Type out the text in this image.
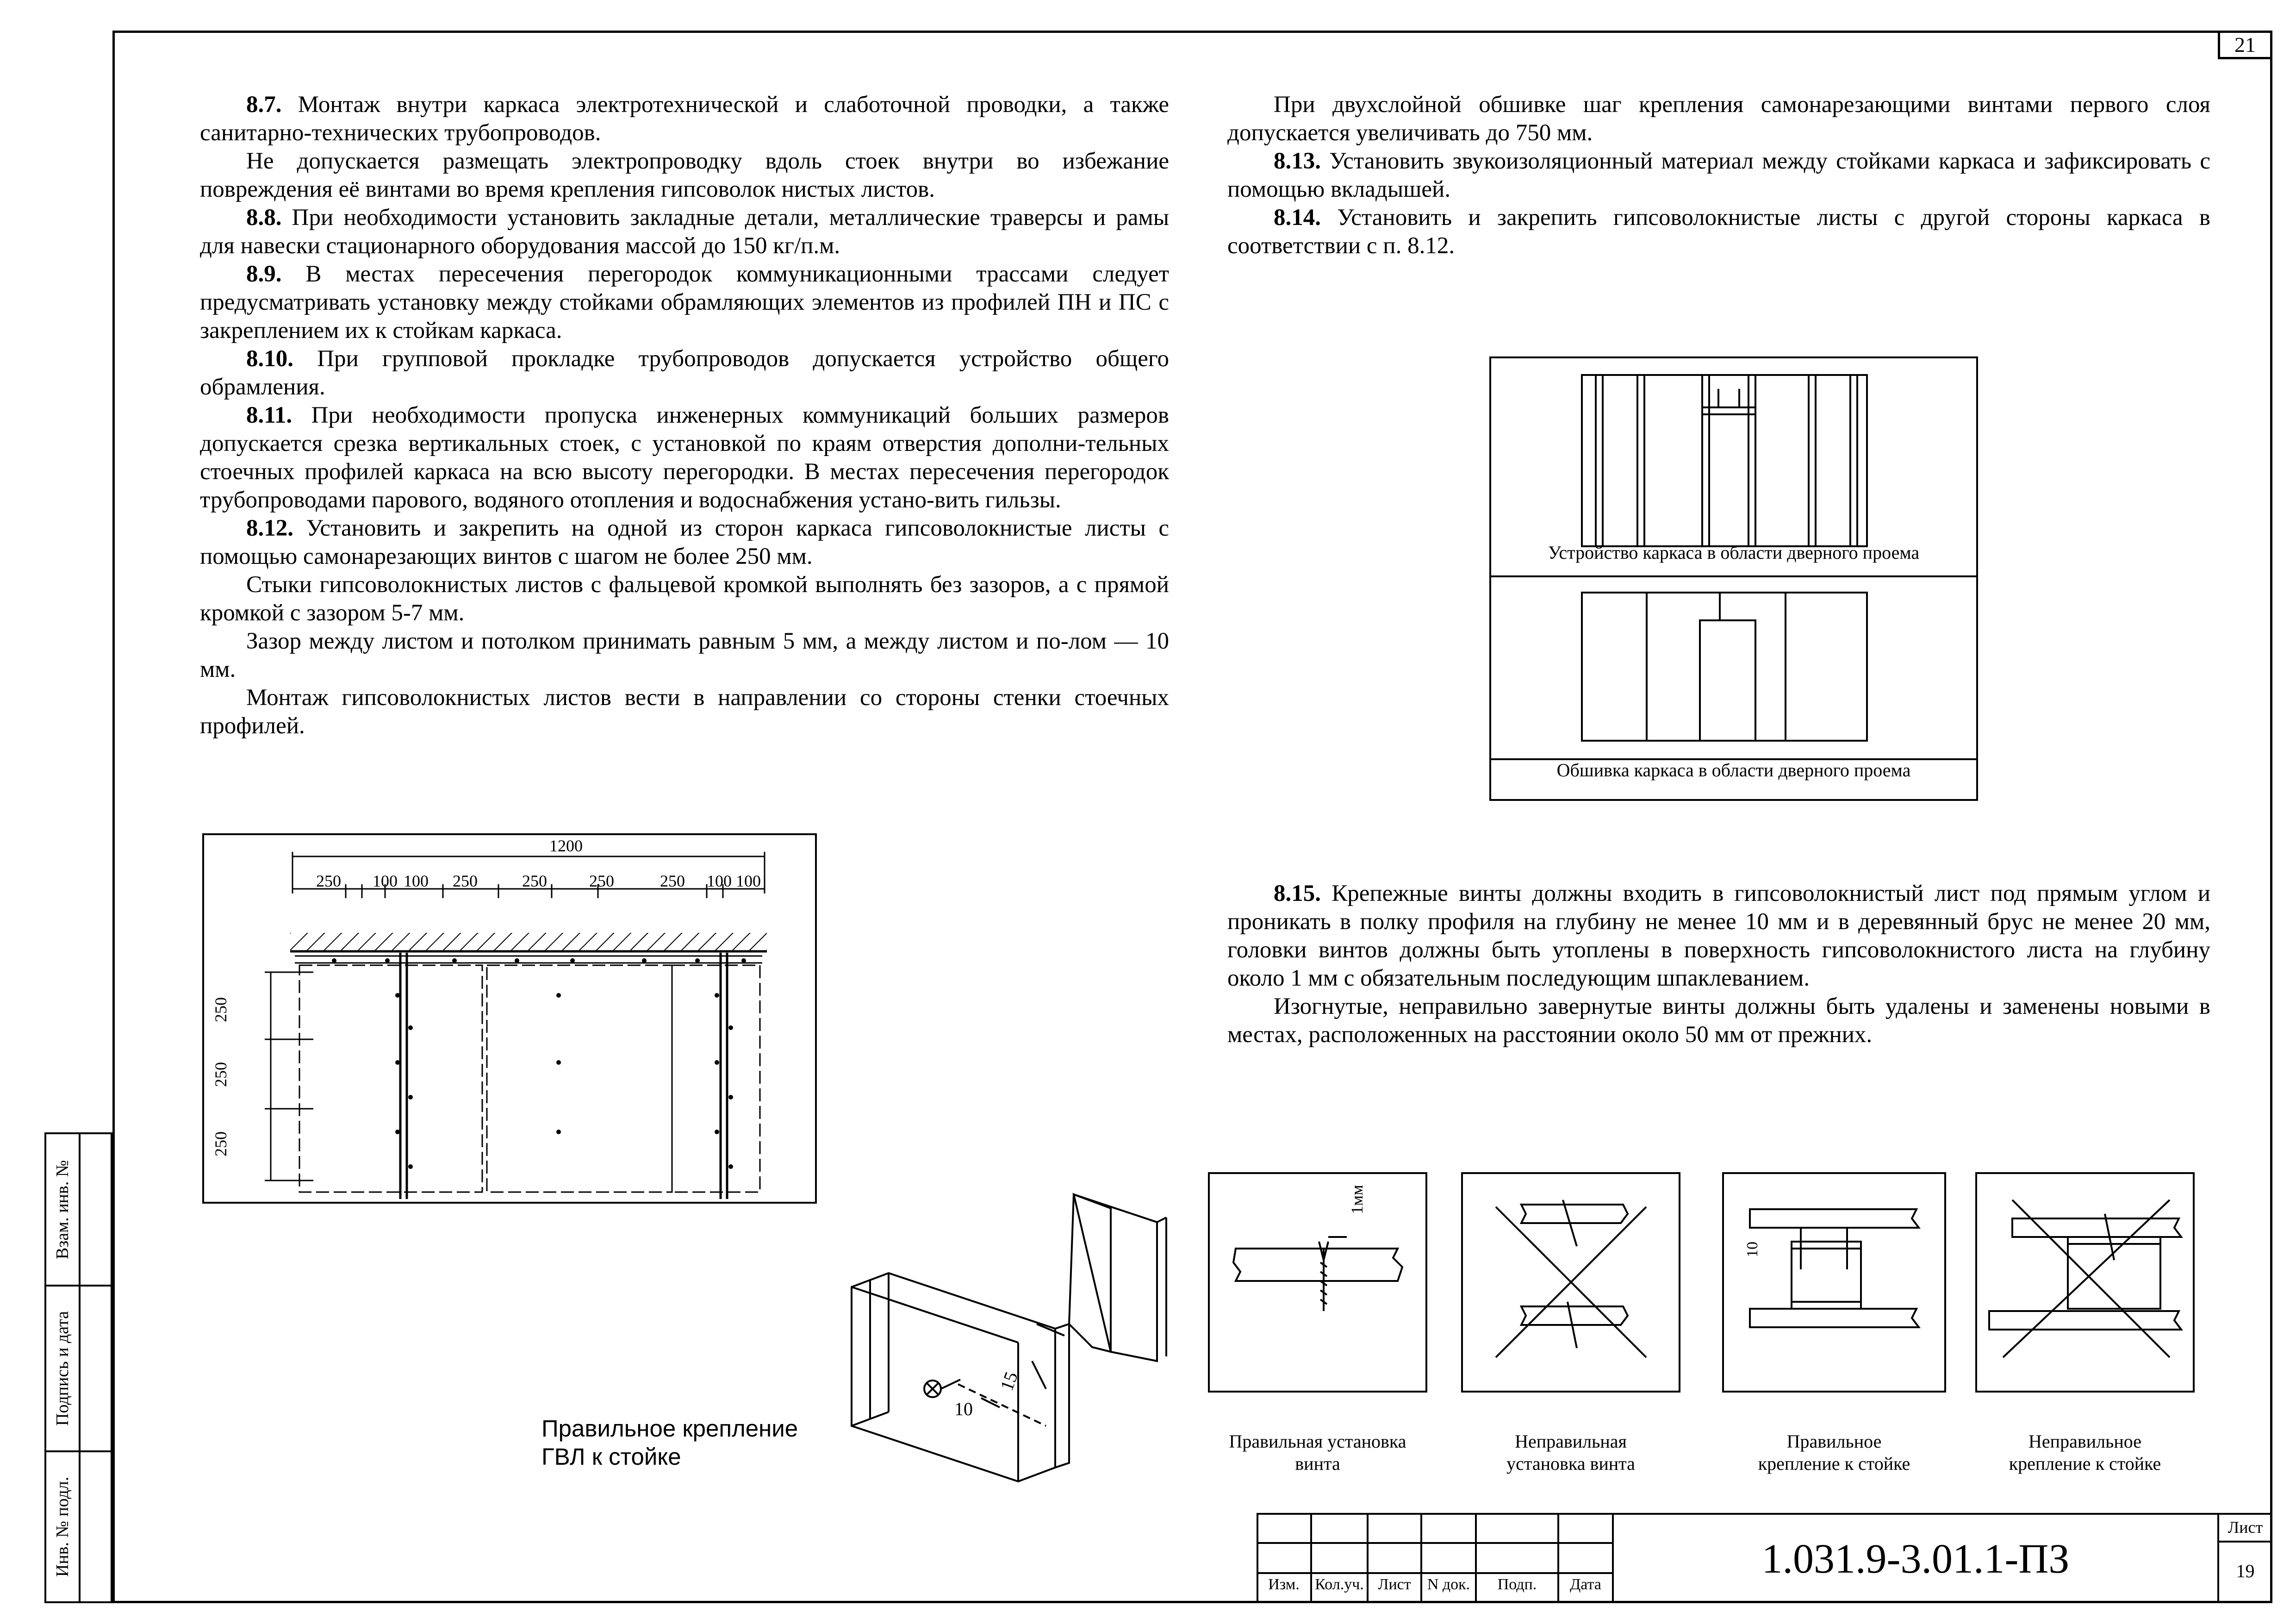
21
Взам. инв. №
Подпись и дата
Инв. № подл.

8.7. Монтаж внутри каркаса электротехнической и слаботочной проводки, а также санитарно-технических трубопроводов.

Не допускается размещать электропроводку вдоль стоек внутри во избежание повреждения её винтами во время крепления гипсоволок нистых листов.

8.8. При необходимости установить закладные детали, металлические траверсы и рамы для навески стационарного оборудования массой до 150 кг/п.м.

8.9. В местах пересечения перегородок коммуникационными трассами следует предусматривать установку между стойками обрамляющих элементов из профилей ПН и ПС с закреплением их к стойкам каркаса.

8.10. При групповой прокладке трубопроводов допускается устройство общего обрамления.

8.11. При необходимости пропуска инженерных коммуникаций больших размеров допускается срезка вертикальных стоек, с установкой по краям отверстия дополни-тельных стоечных профилей каркаса на всю высоту перегородки. В местах пересечения перегородок трубопроводами парового, водяного отопления и водоснабжения устано-вить гильзы.

8.12. Установить и закрепить на одной из сторон каркаса гипсоволокнистые листы с помощью самонарезающих винтов с шагом не более 250 мм.

Стыки гипсоволокнистых листов с фальцевой кромкой выполнять без зазоров, а с прямой кромкой с зазором 5-7 мм.

Зазор между листом и потолком принимать равным 5 мм, а между листом и по-лом — 10 мм.

Монтаж гипсоволокнистых листов вести в направлении со стороны стенки стоечных профилей.

При двухслойной обшивке шаг крепления самонарезающими винтами первого слоя допускается увеличивать до 750 мм.

8.13. Установить звукоизоляционный материал между стойками каркаса и зафиксировать с помощью вкладышей.

8.14. Установить и закрепить гипсоволокнистые листы с другой стороны каркаса в соответствии с п. 8.12.

8.15. Крепежные винты должны входить в гипсоволокнистый лист под прямым углом и проникать в полку профиля на глубину не менее 10 мм и в деревянный брус не менее 20 мм, головки винтов должны быть утоплены в поверхность гипсоволокнистого листа на глубину около 1 мм с обязательным последующим шпаклеванием.

Изогнутые, неправильно завернутые винты должны быть удалены и заменены новыми в местах, расположенных на расстоянии около 50 мм от прежних.

Устройство каркаса в области дверного проема
Обшивка каркаса в области дверного проема
1200
250 100 100 250	250	250	250 100 100
250
250
250
15
10
Правильное крепление
ГВЛ к стойке
1мм
10
Правильная установка
винта
Неправильная
установка винта
Правильное
крепление к стойке
Неправильное
крепление к стойке
Изм. Кол.уч. Лист	N док.	Подп.	Дата
1.031.9-3.01.1-ПЗ
Лист
19
